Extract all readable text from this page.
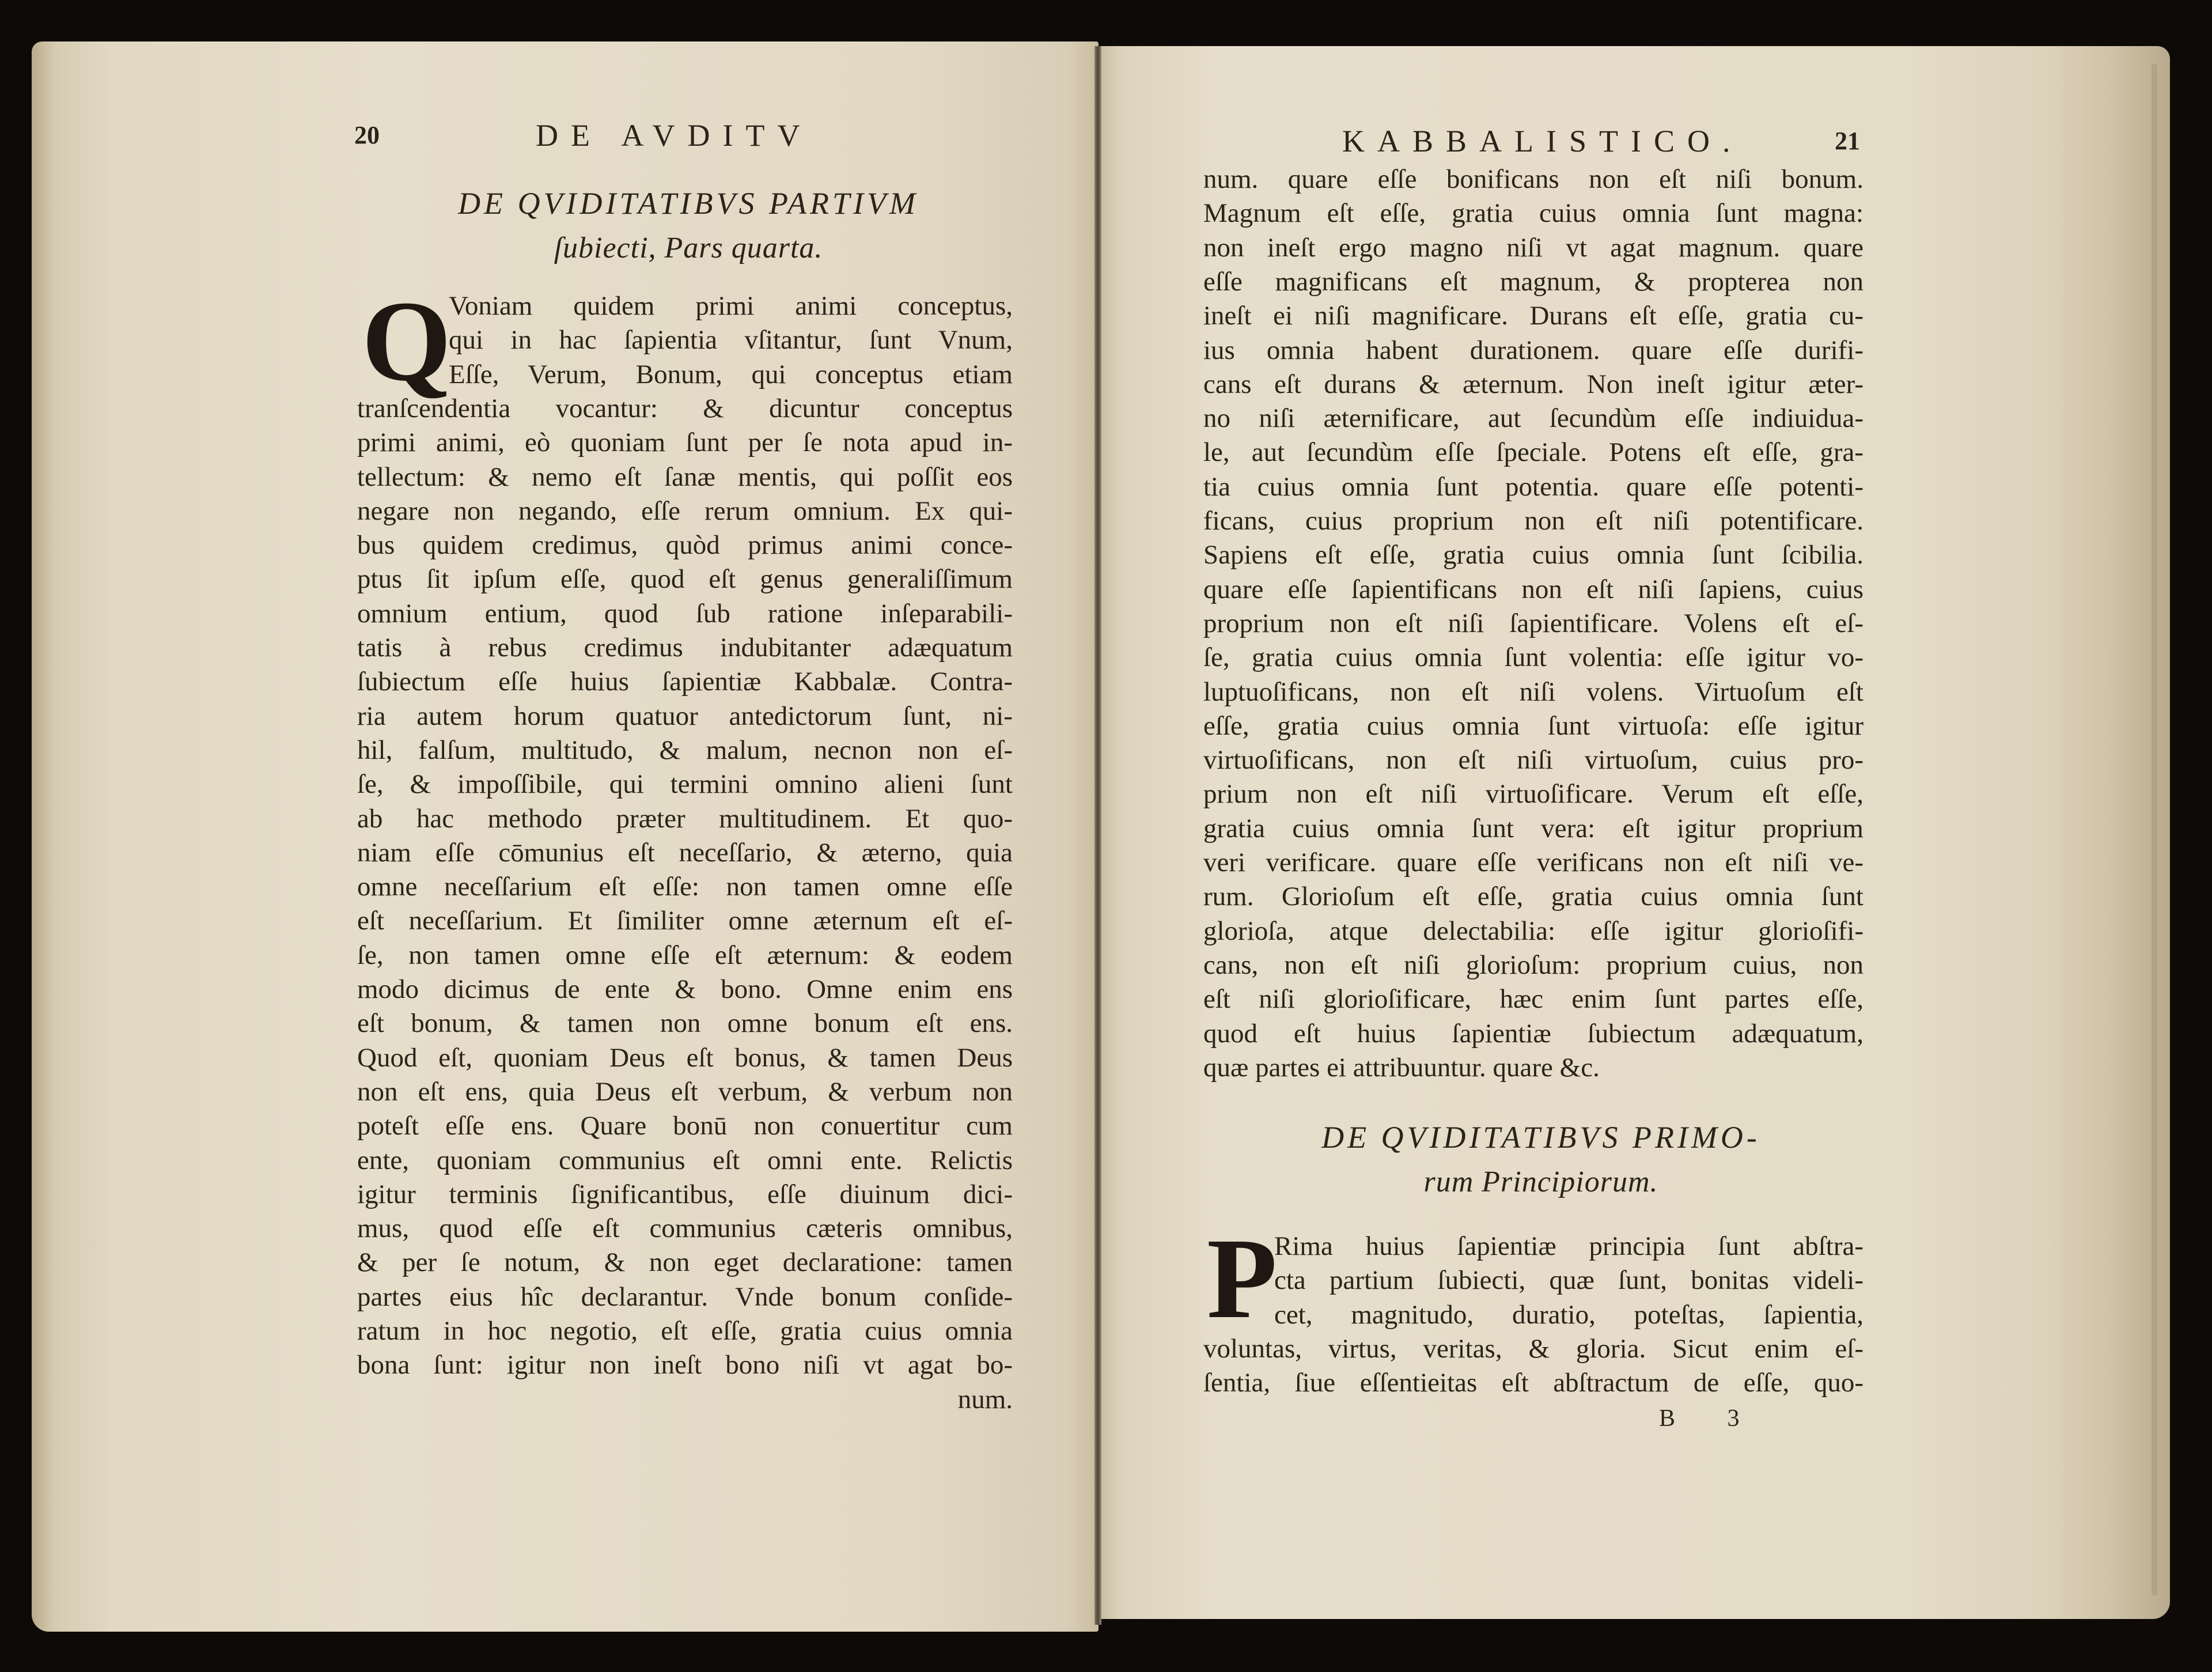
20	DE AVDITV
DE QVIDITATIBVS PARTIVM
ſubiecti, Pars quarta.
Q
Voniam quidem primi animi conceptus,
qui in hac ſapientia vſitantur, ſunt Vnum,
Eſſe, Verum, Bonum, qui conceptus etiam
tranſcendentia vocantur: & dicuntur conceptus
primi animi, eò quoniam ſunt per ſe nota apud in-
tellectum: & nemo eſt ſanæ mentis, qui poſſit eos
negare non negando, eſſe rerum omnium. Ex qui-
bus quidem credimus, quòd primus animi conce-
ptus ſit ipſum eſſe, quod eſt genus generaliſſimum
omnium entium, quod ſub ratione inſeparabili-
tatis à rebus credimus indubitanter adæquatum
ſubiectum eſſe huius ſapientiæ Kabbalæ. Contra-
ria autem horum quatuor antedictorum ſunt, ni-
hil, falſum, multitudo, & malum, necnon non eſ-
ſe, & impoſſibile, qui termini omnino alieni ſunt
ab hac methodo præter multitudinem. Et quo-
niam eſſe cōmunius eſt neceſſario, & æterno, quia
omne neceſſarium eſt eſſe: non tamen omne eſſe
eſt neceſſarium. Et ſimiliter omne æternum eſt eſ-
ſe, non tamen omne eſſe eſt æternum: & eodem
modo dicimus de ente & bono. Omne enim ens
eſt bonum, & tamen non omne bonum eſt ens.
Quod eſt, quoniam Deus eſt bonus, & tamen Deus
non eſt ens, quia Deus eſt verbum, & verbum non
poteſt eſſe ens. Quare bonū non conuertitur cum
ente, quoniam communius eſt omni ente. Relictis
igitur terminis ſignificantibus, eſſe diuinum dici-
mus, quod eſſe eſt communius cæteris omnibus,
& per ſe notum, & non eget declaratione: tamen
partes eius hîc declarantur. Vnde bonum conſide-
ratum in hoc negotio, eſt eſſe, gratia cuius omnia
bona ſunt: igitur non ineſt bono niſi vt agat bo-
num.
KABBALISTICO.	21
num. quare eſſe bonificans non eſt niſi bonum.
Magnum eſt eſſe, gratia cuius omnia ſunt magna:
non ineſt ergo magno niſi vt agat magnum. quare
eſſe magnificans eſt magnum, & propterea non
ineſt ei niſi magnificare. Durans eſt eſſe, gratia cu-
ius omnia habent durationem. quare eſſe durifi-
cans eſt durans & æternum. Non ineſt igitur æter-
no niſi æternificare, aut ſecundùm eſſe indiuidua-
le, aut ſecundùm eſſe ſpeciale. Potens eſt eſſe, gra-
tia cuius omnia ſunt potentia. quare eſſe potenti-
ficans, cuius proprium non eſt niſi potentificare.
Sapiens eſt eſſe, gratia cuius omnia ſunt ſcibilia.
quare eſſe ſapientificans non eſt niſi ſapiens, cuius
proprium non eſt niſi ſapientificare. Volens eſt eſ-
ſe, gratia cuius omnia ſunt volentia: eſſe igitur vo-
luptuoſificans, non eſt niſi volens. Virtuoſum eſt
eſſe, gratia cuius omnia ſunt virtuoſa: eſſe igitur
virtuoſificans, non eſt niſi virtuoſum, cuius pro-
prium non eſt niſi virtuoſificare. Verum eſt eſſe,
gratia cuius omnia ſunt vera: eſt igitur proprium
veri verificare. quare eſſe verificans non eſt niſi ve-
rum. Glorioſum eſt eſſe, gratia cuius omnia ſunt
glorioſa, atque delectabilia: eſſe igitur glorioſifi-
cans, non eſt niſi glorioſum: proprium cuius, non
eſt niſi glorioſificare, hæc enim ſunt partes eſſe,
quod eſt huius ſapientiæ ſubiectum adæquatum,
quæ partes ei attribuuntur. quare &c.
DE QVIDITATIBVS PRIMO-
rum Principiorum.
P
Rima huius ſapientiæ principia ſunt abſtra-
cta partium ſubiecti, quæ ſunt, bonitas videli-
cet, magnitudo, duratio, poteſtas, ſapientia,
voluntas, virtus, veritas, & gloria. Sicut enim eſ-
ſentia, ſiue eſſentieitas eſt abſtractum de eſſe, quo-
B 3
